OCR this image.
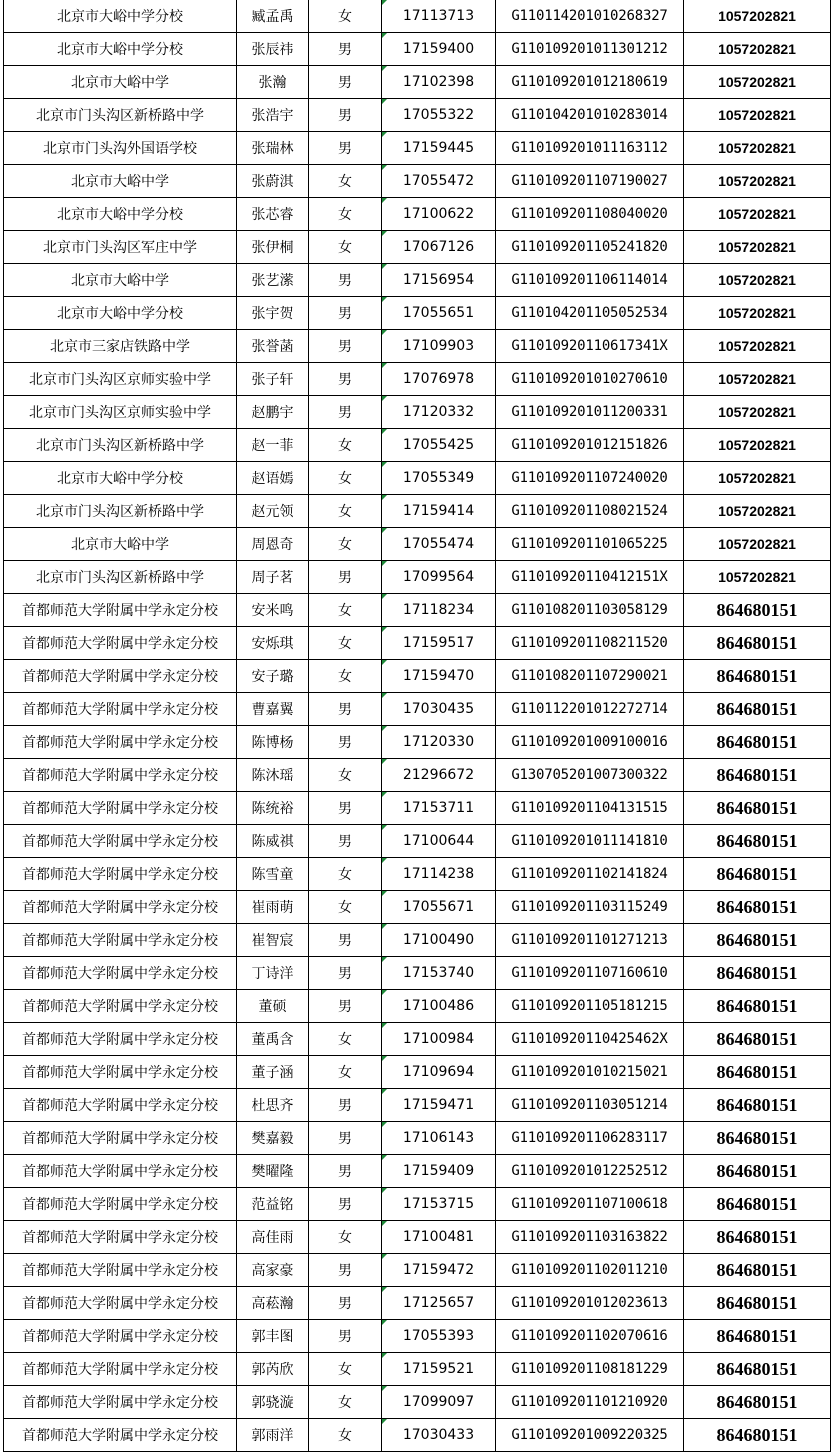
北京市大峪中学分校	臧孟禹	女	17113713	G110114201010268327	1057202821
北京市大峪中学分校	张辰祎	男	17159400	G110109201011301212	1057202821
北京市大峪中学	张瀚	男	17102398	G110109201012180619	1057202821
北京市门头沟区新桥路中学	张浩宇	男	17055322	G110104201010283014	1057202821
北京市门头沟外国语学校	张瑞林	男	17159445	G110109201011163112	1057202821
北京市大峪中学	张蔚淇	女	17055472	G110109201107190027	1057202821
北京市大峪中学分校	张芯睿	女	17100622	G110109201108040020	1057202821
北京市门头沟区军庄中学	张伊桐	女	17067126	G110109201105241820	1057202821
北京市大峪中学	张艺潆	男	17156954	G110109201106114014	1057202821
北京市大峪中学分校	张宇贺	男	17055651	G110104201105052534	1057202821
北京市三家店铁路中学	张誉菡	男	17109903	G11010920110617341X	1057202821
北京市门头沟区京师实验中学	张子轩	男	17076978	G110109201010270610	1057202821
北京市门头沟区京师实验中学	赵鹏宇	男	17120332	G110109201011200331	1057202821
北京市门头沟区新桥路中学	赵一菲	女	17055425	G110109201012151826	1057202821
北京市大峪中学分校	赵语嫣	女	17055349	G110109201107240020	1057202821
北京市门头沟区新桥路中学	赵元领	女	17159414	G110109201108021524	1057202821
北京市大峪中学	周恩奇	女	17055474	G110109201101065225	1057202821
北京市门头沟区新桥路中学	周子茗	男	17099564	G11010920110412151X	1057202821
首都师范大学附属中学永定分校	安米鸣	女	17118234	G110108201103058129	864680151
首都师范大学附属中学永定分校	安烁琪	女	17159517	G110109201108211520	864680151
首都师范大学附属中学永定分校	安子璐	女	17159470	G110108201107290021	864680151
首都师范大学附属中学永定分校	曹嘉翼	男	17030435	G110112201012272714	864680151
首都师范大学附属中学永定分校	陈博杨	男	17120330	G110109201009100016	864680151
首都师范大学附属中学永定分校	陈沐瑶	女	21296672	G130705201007300322	864680151
首都师范大学附属中学永定分校	陈统裕	男	17153711	G110109201104131515	864680151
首都师范大学附属中学永定分校	陈威祺	男	17100644	G110109201011141810	864680151
首都师范大学附属中学永定分校	陈雪童	女	17114238	G110109201102141824	864680151
首都师范大学附属中学永定分校	崔雨萌	女	17055671	G110109201103115249	864680151
首都师范大学附属中学永定分校	崔智宸	男	17100490	G110109201101271213	864680151
首都师范大学附属中学永定分校	丁诗洋	男	17153740	G110109201107160610	864680151
首都师范大学附属中学永定分校	董硕	男	17100486	G110109201105181215	864680151
首都师范大学附属中学永定分校	董禹含	女	17100984	G11010920110425462X	864680151
首都师范大学附属中学永定分校	董子涵	女	17109694	G110109201010215021	864680151
首都师范大学附属中学永定分校	杜思齐	男	17159471	G110109201103051214	864680151
首都师范大学附属中学永定分校	樊嘉毅	男	17106143	G110109201106283117	864680151
首都师范大学附属中学永定分校	樊曜隆	男	17159409	G110109201012252512	864680151
首都师范大学附属中学永定分校	范益铭	男	17153715	G110109201107100618	864680151
首都师范大学附属中学永定分校	高佳雨	女	17100481	G110109201103163822	864680151
首都师范大学附属中学永定分校	高家豪	男	17159472	G110109201102011210	864680151
首都师范大学附属中学永定分校	高菘瀚	男	17125657	G110109201012023613	864680151
首都师范大学附属中学永定分校	郭丰图	男	17055393	G110109201102070616	864680151
首都师范大学附属中学永定分校	郭芮欣	女	17159521	G110109201108181229	864680151
首都师范大学附属中学永定分校	郭骁漩	女	17099097	G110109201101210920	864680151
首都师范大学附属中学永定分校	郭雨洋	女	17030433	G110109201009220325	864680151
